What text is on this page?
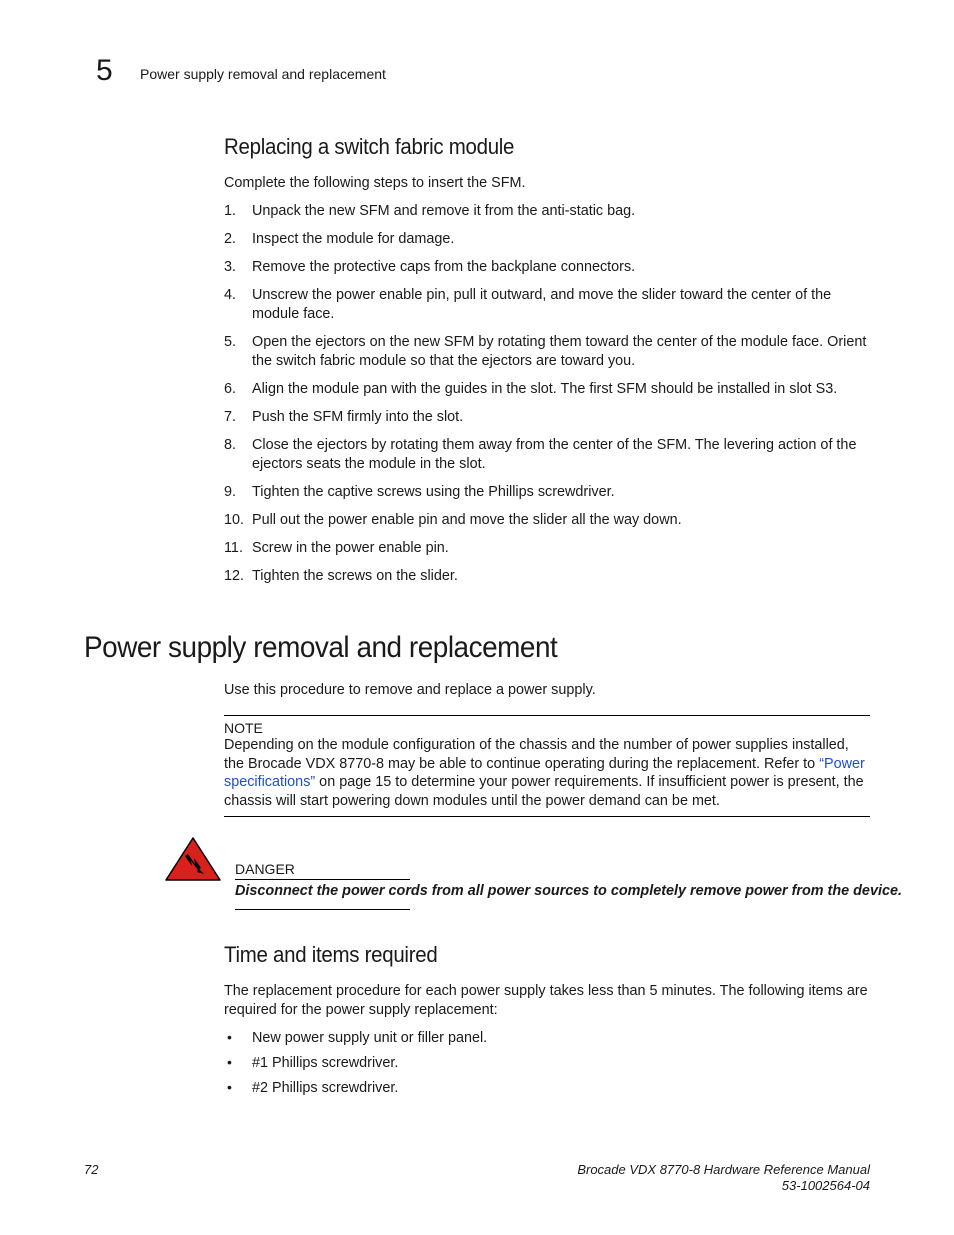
5 Power supply removal and replacement
Replacing a switch fabric module
Complete the following steps to insert the SFM.
1. Unpack the new SFM and remove it from the anti-static bag.
2. Inspect the module for damage.
3. Remove the protective caps from the backplane connectors.
4. Unscrew the power enable pin, pull it outward, and move the slider toward the center of the module face.
5. Open the ejectors on the new SFM by rotating them toward the center of the module face. Orient the switch fabric module so that the ejectors are toward you.
6. Align the module pan with the guides in the slot. The first SFM should be installed in slot S3.
7. Push the SFM firmly into the slot.
8. Close the ejectors by rotating them away from the center of the SFM. The levering action of the ejectors seats the module in the slot.
9. Tighten the captive screws using the Phillips screwdriver.
10. Pull out the power enable pin and move the slider all the way down.
11. Screw in the power enable pin.
12. Tighten the screws on the slider.
Power supply removal and replacement
Use this procedure to remove and replace a power supply.
NOTE
Depending on the module configuration of the chassis and the number of power supplies installed, the Brocade VDX 8770-8 may be able to continue operating during the replacement. Refer to “Power specifications” on page 15 to determine your power requirements. If insufficient power is present, the chassis will start powering down modules until the power demand can be met.
DANGER
Disconnect the power cords from all power sources to completely remove power from the device.
Time and items required
The replacement procedure for each power supply takes less than 5 minutes. The following items are required for the power supply replacement:
• New power supply unit or filler panel.
• #1 Phillips screwdriver.
• #2 Phillips screwdriver.
72	Brocade VDX 8770-8 Hardware Reference Manual
53-1002564-04
